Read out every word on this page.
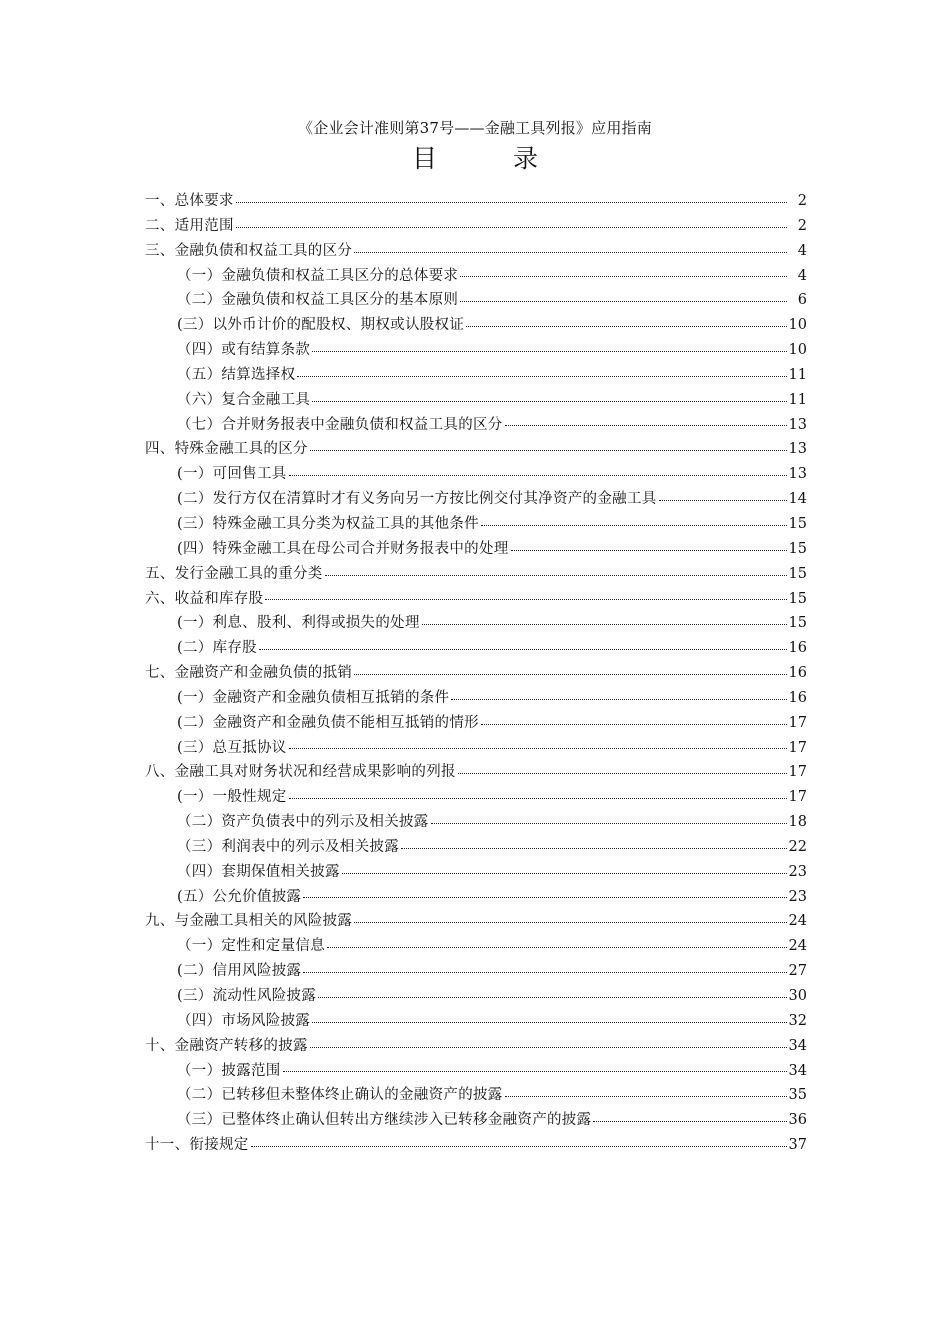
《企业会计准则第37号——金融工具列报》应用指南
目 录
一、总体要求	2
二、适用范围	2
三、金融负债和权益工具的区分	4
（一）金融负债和权益工具区分的总体要求	4
（二）金融负债和权益工具区分的基本原则	6
(三）以外币计价的配股权、期权或认股权证	10
（四）或有结算条款	10
（五）结算选择权	11
（六）复合金融工具	11
（七）合并财务报表中金融负债和权益工具的区分	13
四、特殊金融工具的区分	13
(一）可回售工具	13
(二）发行方仅在清算时才有义务向另一方按比例交付其净资产的金融工具	14
(三）特殊金融工具分类为权益工具的其他条件	15
(四）特殊金融工具在母公司合并财务报表中的处理	15
五、发行金融工具的重分类	15
六、收益和库存股	15
(一）利息、股利、利得或损失的处理	15
(二）库存股	16
七、金融资产和金融负债的抵销	16
(一）金融资产和金融负债相互抵销的条件	16
(二）金融资产和金融负债不能相互抵销的情形	17
(三）总互抵协议	17
八、金融工具对财务状况和经营成果影响的列报	17
(一）一般性规定	17
（二）资产负债表中的列示及相关披露	18
（三）利润表中的列示及相关披露	22
（四）套期保值相关披露	23
(五）公允价值披露	23
九、与金融工具相关的风险披露	24
（一）定性和定量信息	24
(二）信用风险披露	27
(三）流动性风险披露	30
（四）市场风险披露	32
十、金融资产转移的披露	34
（一）披露范围	34
（二）已转移但未整体终止确认的金融资产的披露	35
（三）已整体终止确认但转出方继续涉入已转移金融资产的披露	36
十一、衔接规定	37
